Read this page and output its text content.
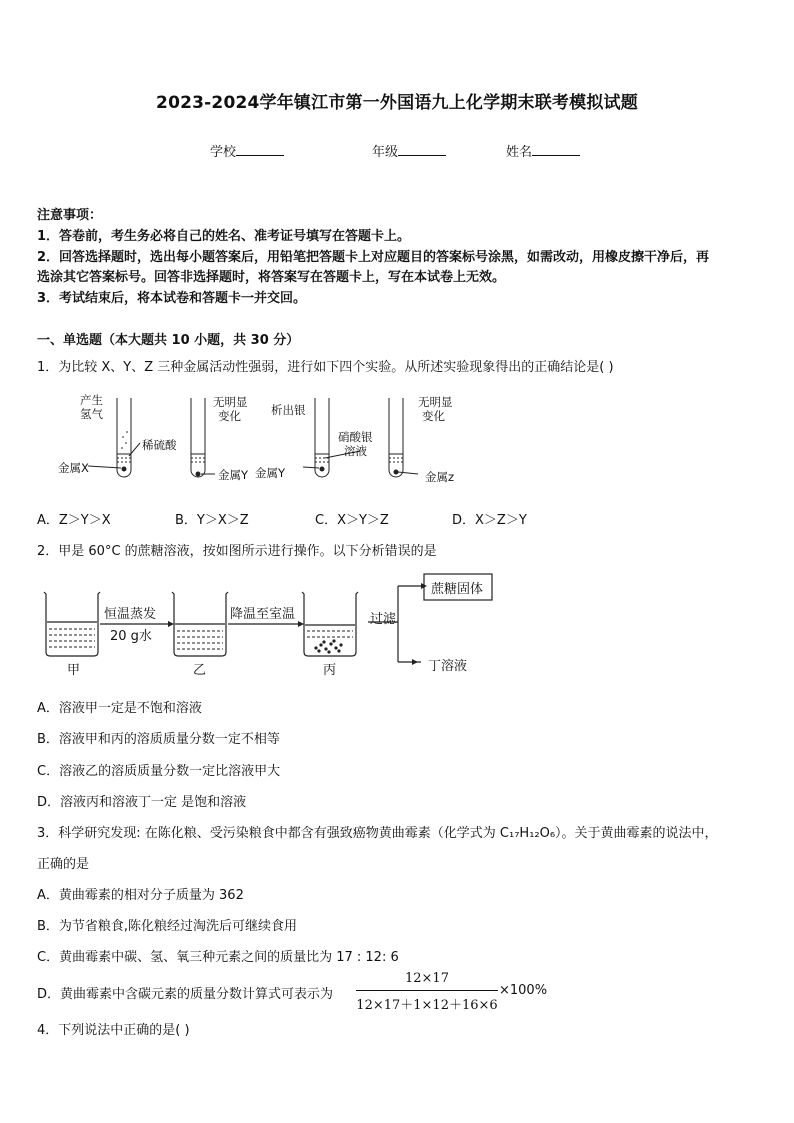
2023-2024学年镇江市第一外国语九上化学期末联考模拟试题
学校	年级	姓名
注意事项：
1．答卷前，考生务必将自己的姓名、准考证号填写在答题卡上。
2．回答选择题时，选出每小题答案后，用铅笔把答题卡上对应题目的答案标号涂黑，如需改动，用橡皮擦干净后，再
选涂其它答案标号。回答非选择题时，将答案写在答题卡上，写在本试卷上无效。
3．考试结束后，将本试卷和答题卡一并交回。
一、单选题（本大题共 10 小题，共 30 分）
1．为比较 X、Y、Z 三种金属活动性强弱，进行如下四个实验。从所述实验现象得出的正确结论是( )
产生
氢气
稀硫酸
金属X
无明显
变化
金属Y
析出银
硝酸银
溶液
金属Y
无明显
变化
金属z
A．Z＞Y＞X	B．Y＞X＞Z	C．X＞Y＞Z	D．X＞Z＞Y
2．甲是 60°C 的蔗糖溶液，按如图所示进行操作。以下分析错误的是
恒温蒸发
20 g水
降温至室温	过滤
蔗糖固体
丁溶液
甲	乙	丙
A．溶液甲一定是不饱和溶液
B．溶液甲和丙的溶质质量分数一定不相等
C．溶液乙的溶质质量分数一定比溶液甲大
D．溶液丙和溶液丁一定 是饱和溶液
3．科学研究发现: 在陈化粮、受污染粮食中都含有强致癌物黄曲霉素（化学式为 C₁₇H₁₂O₆）。关于黄曲霉素的说法中，
正确的是
A．黄曲霉素的相对分子质量为 362
B．为节省粮食,陈化粮经过淘洗后可继续食用
C．黄曲霉素中碳、氢、氧三种元素之间的质量比为 17 : 12: 6
D．黄曲霉素中含碳元素的质量分数计算式可表示为
12×17
12×17＋1×12＋16×6
×100%
4．下列说法中正确的是( )
